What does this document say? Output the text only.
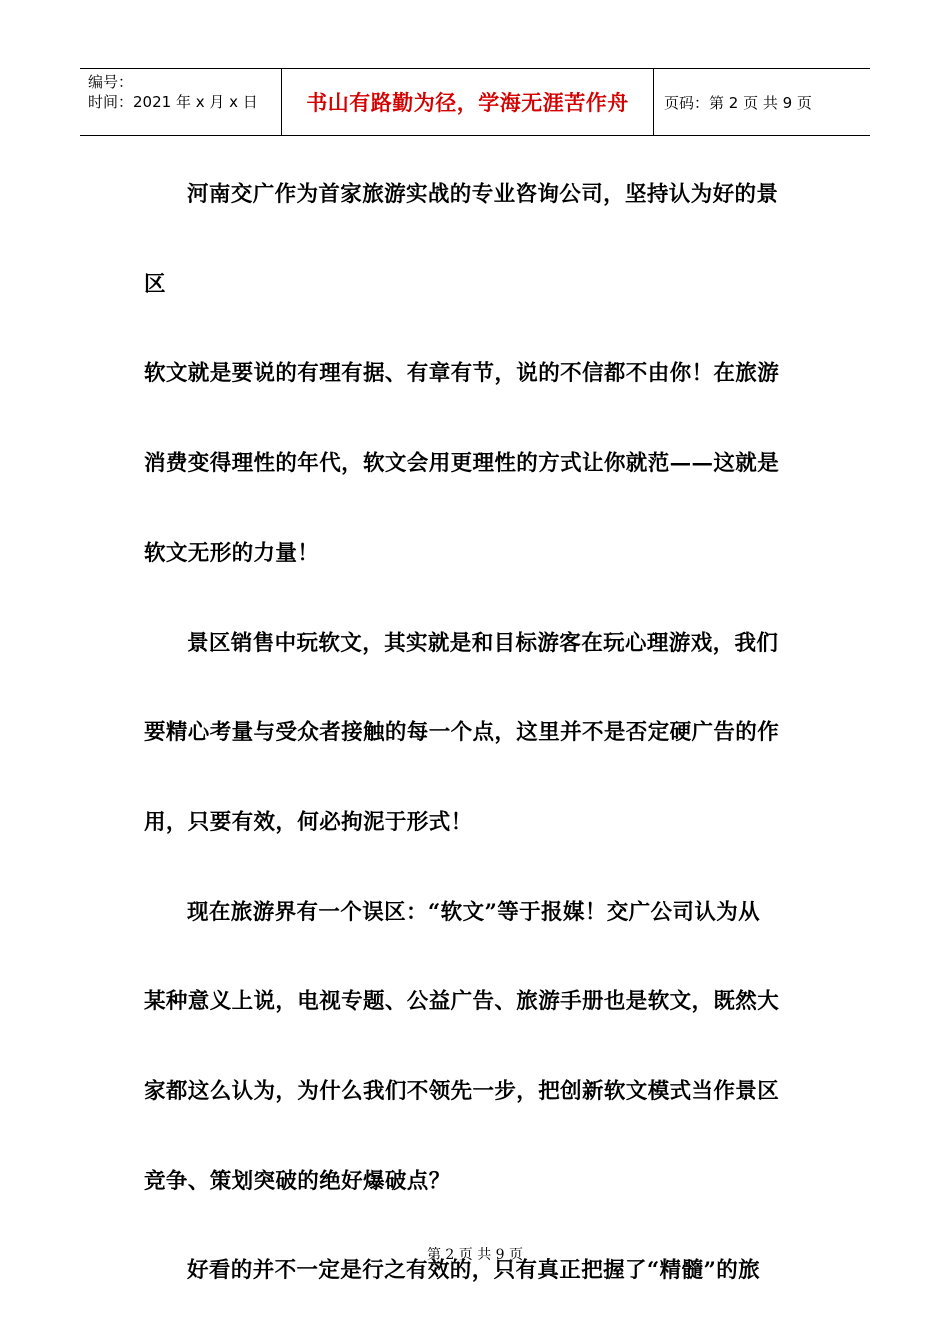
编号：
时间：2021 年 x 月 x 日	书山有路勤为径，学海无涯苦作舟	页码：第 2 页 共 9 页

河南交广作为首家旅游实战的专业咨询公司，坚持认为好的景区

软文就是要说的有理有据、有章有节，说的不信都不由你！在旅游

消费变得理性的年代，软文会用更理性的方式让你就范——这就是

软文无形的力量！

景区销售中玩软文，其实就是和目标游客在玩心理游戏，我们

要精心考量与受众者接触的每一个点，这里并不是否定硬广告的作

用，只要有效，何必拘泥于形式！

现在旅游界有一个误区：“软文”等于报媒！交广公司认为从

某种意义上说，电视专题、公益广告、旅游手册也是软文，既然大

家都这么认为，为什么我们不领先一步，把创新软文模式当作景区

竞争、策划突破的绝好爆破点？

好看的并不一定是行之有效的，只有真正把握了“精髓”的旅

第 2 页 共 9 页
